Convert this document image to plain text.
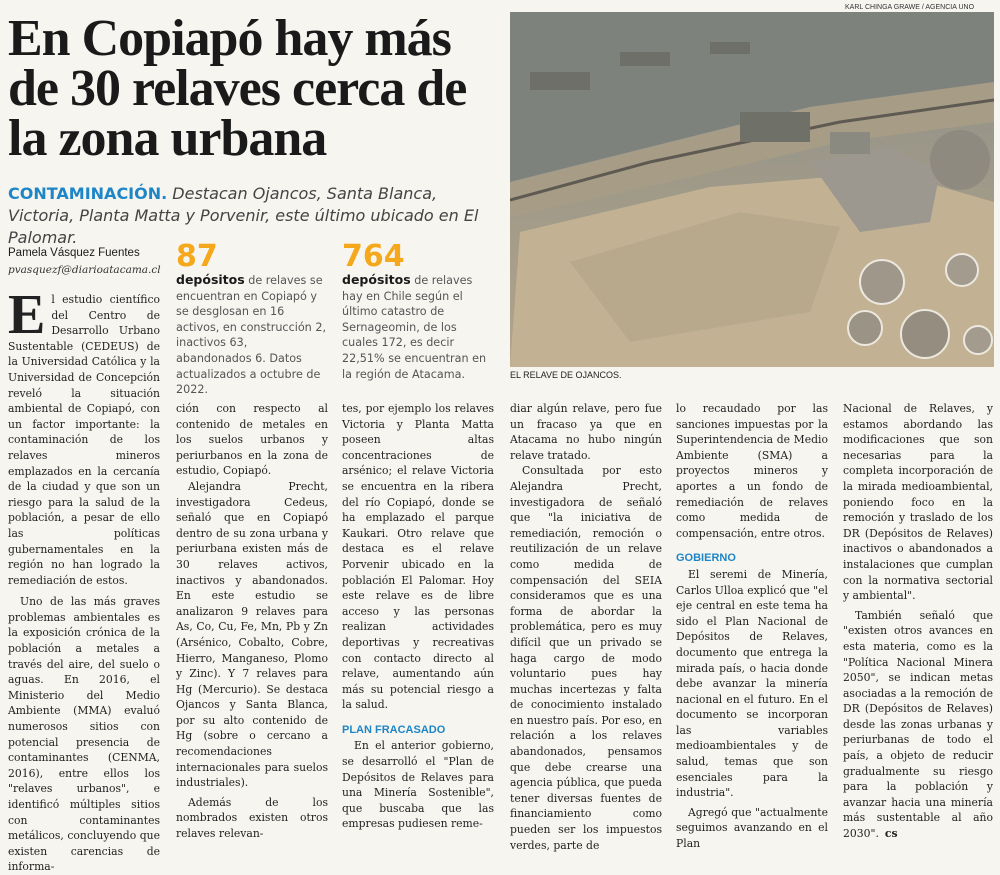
En Copiapó hay más de 30 relaves cerca de la zona urbana

CONTAMINACIÓN. Destacan Ojancos, Santa Blanca, Victoria, Planta Matta y Porvenir, este último ubicado en El Palomar.

Pamela Vásquez Fuentes
pvasquezf@diarioatacama.cl 87

depósitos de relaves se encuentran en Copiapó y se desglosan en 16 activos, en construcción 2, inactivos 63, abandonados 6. Datos actualizados a octubre de 2022.

764

depósitos de relaves hay en Chile según el último catastro de Sernageomin, de los cuales 172, es decir 22,51% se encuentran en la región de Atacama.

KARL CHINGA GRAWE / AGENCIA UNO
EL RELAVE DE OJANCOS.

El estudio científico del Centro de Desarrollo Urbano Sustentable (CEDEUS) de la Universidad Católica y la Universidad de Concepción reveló la situación ambiental de Copiapó, con un factor importante: la contaminación de los relaves mineros emplazados en la cercanía de la ciudad y que son un riesgo para la salud de la población, a pesar de ello las políticas gubernamentales en la región no han logrado la remediación de estos.

Uno de las más graves problemas ambientales es la exposición crónica de la población a metales a través del aire, del suelo o aguas. En 2016, el Ministerio del Medio Ambiente (MMA) evaluó numerosos sitios con potencial presencia de contaminantes (CENMA, 2016), entre ellos los "relaves urbanos", e identificó múltiples sitios con contaminantes metálicos, concluyendo que existen carencias de informa-

ción con respecto al contenido de metales en los suelos urbanos y periurbanos en la zona de estudio, Copiapó.

Alejandra Precht, investigadora Cedeus, señaló que en Copiapó dentro de su zona urbana y periurbana existen más de 30 relaves activos, inactivos y abandonados. En este estudio se analizaron 9 relaves para As, Co, Cu, Fe, Mn, Pb y Zn (Arsénico, Cobalto, Cobre, Hierro, Manganeso, Plomo y Zinc). Y 7 relaves para Hg (Mercurio). Se destaca Ojancos y Santa Blanca, por su alto contenido de Hg (sobre o cercano a recomendaciones internacionales para suelos industriales).

Además de los nombrados existen otros relaves relevan-

tes, por ejemplo los relaves Victoria y Planta Matta poseen altas concentraciones de arsénico; el relave Victoria se encuentra en la ribera del río Copiapó, donde se ha emplazado el parque Kaukari. Otro relave que destaca es el relave Porvenir ubicado en la población El Palomar. Hoy este relave es de libre acceso y las personas realizan actividades deportivas y recreativas con contacto directo al relave, aumentando aún más su potencial riesgo a la salud.

PLAN FRACASADO

En el anterior gobierno, se desarrolló el "Plan de Depósitos de Relaves para una Minería Sostenible", que buscaba que las empresas pudiesen reme-

diar algún relave, pero fue un fracaso ya que en Atacama no hubo ningún relave tratado.

Consultada por esto Alejandra Precht, investigadora de señaló que "la iniciativa de remediación, remoción o reutilización de un relave como medida de compensación del SEIA consideramos que es una forma de abordar la problemática, pero es muy difícil que un privado se haga cargo de modo voluntario pues hay muchas incertezas y falta de conocimiento instalado en nuestro país. Por eso, en relación a los relaves abandonados, pensamos que debe crearse una agencia pública, que pueda tener diversas fuentes de financiamiento como pueden ser los impuestos verdes, parte de

lo recaudado por las sanciones impuestas por la Superintendencia de Medio Ambiente (SMA) a proyectos mineros y aportes a un fondo de remediación de relaves como medida de compensación, entre otros.

GOBIERNO

El seremi de Minería, Carlos Ulloa explicó que "el eje central en este tema ha sido el Plan Nacional de Depósitos de Relaves, documento que entrega la mirada país, o hacia donde debe avanzar la minería nacional en el futuro. En el documento se incorporan las variables medioambientales y de salud, temas que son esenciales para la industria".

Agregó que "actualmente seguimos avanzando en el Plan

Nacional de Relaves, y estamos abordando las modificaciones que son necesarias para la completa incorporación de la mirada medioambiental, poniendo foco en la remoción y traslado de los DR (Depósitos de Relaves) inactivos o abandonados a instalaciones que cumplan con la normativa sectorial y ambiental".

También señaló que "existen otros avances en esta materia, como es la "Política Nacional Minera 2050", se indican metas asociadas a la remoción de DR (Depósitos de Relaves) desde las zonas urbanas y periurbanas de todo el país, a objeto de reducir gradualmente su riesgo para la población y avanzar hacia una minería más sustentable al año 2030". cs
